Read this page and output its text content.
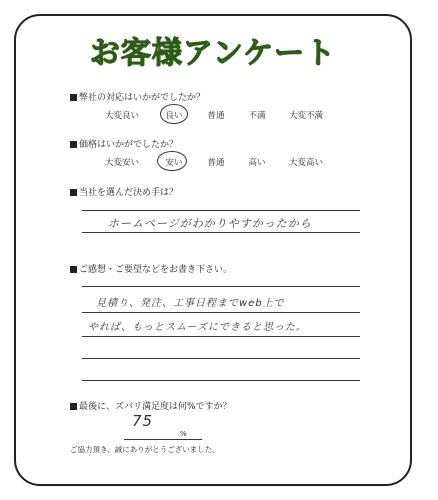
お客様アンケート
弊社の対応はいかがでしたか？
大変良い	良い	普通	不満	大変不満
価格はいかがでしたか？
大変安い	安い	普通	高い	大変高い
当社を選んだ決め手は？
ホームページがわかりやすかったから
ご感想・ご要望などをお書き下さい。
見積り、発注、工事日程までweb上で
やれば、もっとスムーズにできると思った。
最後に、ズバリ満足度は何%ですか？
75
%
ご協力頂き、誠にありがとうございました。
